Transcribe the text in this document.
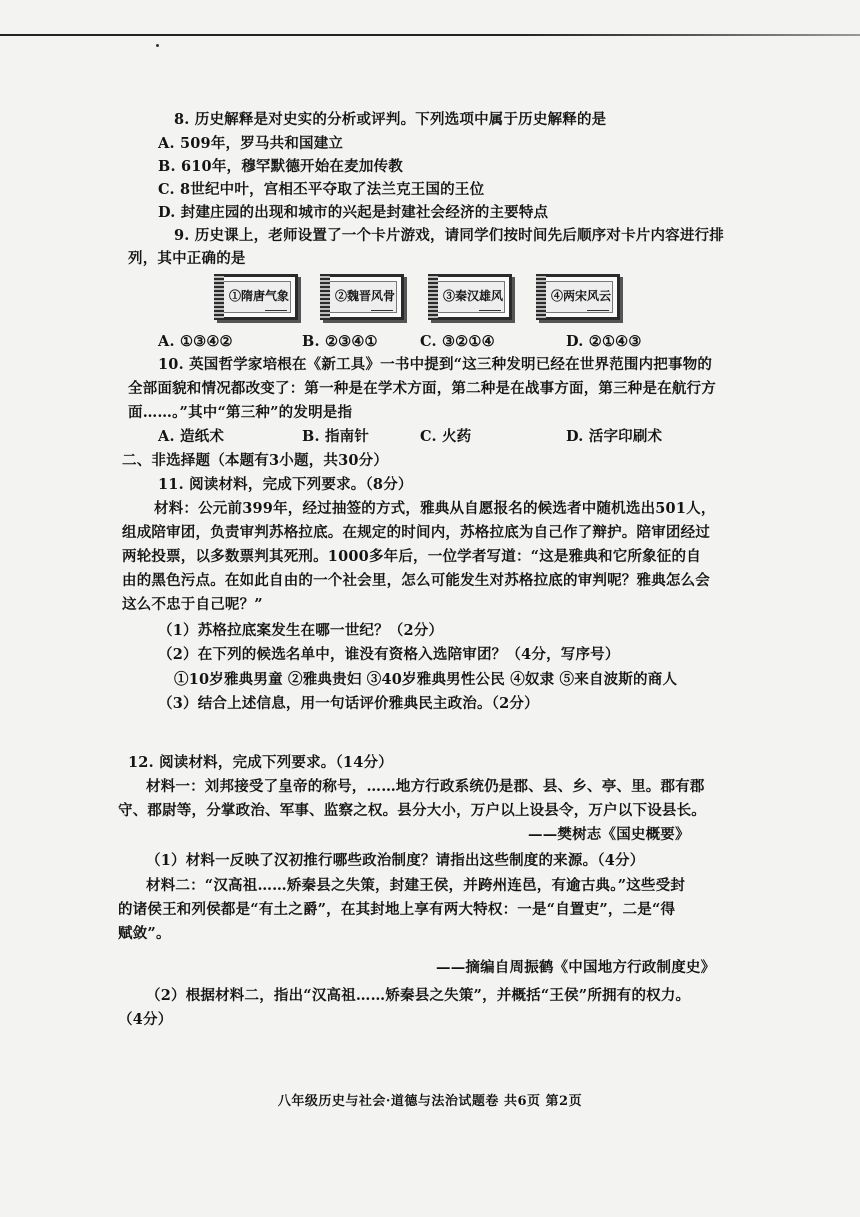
8. 历史解释是对史实的分析或评判。下列选项中属于历史解释的是
A. 509年，罗马共和国建立
B. 610年，穆罕默德开始在麦加传教
C. 8世纪中叶，宫相丕平夺取了法兰克王国的王位
D. 封建庄园的出现和城市的兴起是封建社会经济的主要特点
9. 历史课上，老师设置了一个卡片游戏，请同学们按时间先后顺序对卡片内容进行排
列，其中正确的是
①隋唐气象	②魏晋风骨	③秦汉雄风	④两宋风云
A. ①③④②	B. ②③④①	C. ③②①④	D. ②①④③
10. 英国哲学家培根在《新工具》一书中提到“这三种发明已经在世界范围内把事物的
全部面貌和情况都改变了：第一种是在学术方面，第二种是在战事方面，第三种是在航行方
面……。”其中“第三种”的发明是指
A. 造纸术	B. 指南针	C. 火药	D. 活字印刷术
二、非选择题（本题有3小题，共30分）
11. 阅读材料，完成下列要求。（8分）
材料：公元前399年，经过抽签的方式，雅典从自愿报名的候选者中随机选出501人，
组成陪审团，负责审判苏格拉底。在规定的时间内，苏格拉底为自己作了辩护。陪审团经过
两轮投票，以多数票判其死刑。1000多年后，一位学者写道：“这是雅典和它所象征的自
由的黑色污点。在如此自由的一个社会里，怎么可能发生对苏格拉底的审判呢？雅典怎么会
这么不忠于自己呢？”
（1）苏格拉底案发生在哪一世纪？（2分）
（2）在下列的候选名单中，谁没有资格入选陪审团？（4分，写序号）
①10岁雅典男童 ②雅典贵妇 ③40岁雅典男性公民 ④奴隶 ⑤来自波斯的商人
（3）结合上述信息，用一句话评价雅典民主政治。（2分）
12. 阅读材料，完成下列要求。（14分）
材料一：刘邦接受了皇帝的称号，……地方行政系统仍是郡、县、乡、亭、里。郡有郡
守、郡尉等，分掌政治、军事、监察之权。县分大小，万户以上设县令，万户以下设县长。
——樊树志《国史概要》
（1）材料一反映了汉初推行哪些政治制度？请指出这些制度的来源。（4分）
材料二：“汉高祖……矫秦县之失策，封建王侯，并跨州连邑，有逾古典。”这些受封
的诸侯王和列侯都是“有土之爵”，在其封地上享有两大特权：一是“自置吏”，二是“得
赋敛”。
——摘编自周振鹤《中国地方行政制度史》
（2）根据材料二，指出“汉高祖……矫秦县之失策”，并概括“王侯”所拥有的权力。
（4分）
八年级历史与社会·道德与法治试题卷 共6页 第2页
